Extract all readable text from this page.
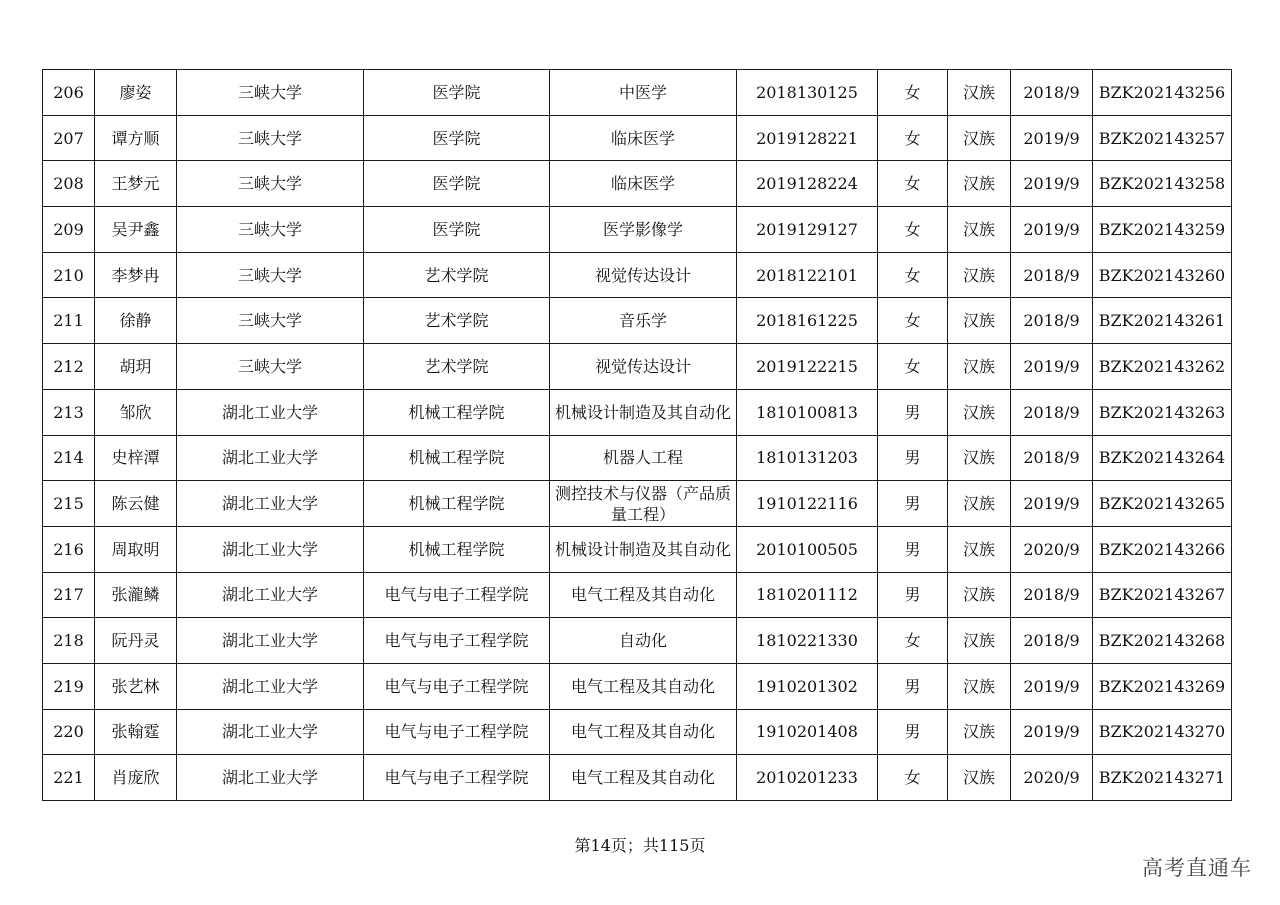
206	廖姿	三峡大学	医学院	中医学	2018130125	女	汉族	2018/9	BZK202143256
207	谭方顺	三峡大学	医学院	临床医学	2019128221	女	汉族	2019/9	BZK202143257
208	王梦元	三峡大学	医学院	临床医学	2019128224	女	汉族	2019/9	BZK202143258
209	吴尹鑫	三峡大学	医学院	医学影像学	2019129127	女	汉族	2019/9	BZK202143259
210	李梦冉	三峡大学	艺术学院	视觉传达设计	2018122101	女	汉族	2018/9	BZK202143260
211	徐静	三峡大学	艺术学院	音乐学	2018161225	女	汉族	2018/9	BZK202143261
212	胡玥	三峡大学	艺术学院	视觉传达设计	2019122215	女	汉族	2019/9	BZK202143262
213	邹欣	湖北工业大学	机械工程学院	机械设计制造及其自动化	1810100813	男	汉族	2018/9	BZK202143263
214	史梓潭	湖北工业大学	机械工程学院	机器人工程	1810131203	男	汉族	2018/9	BZK202143264
215	陈云健	湖北工业大学	机械工程学院	测控技术与仪器（产品质量工程）	1910122116	男	汉族	2019/9	BZK202143265
216	周取明	湖北工业大学	机械工程学院	机械设计制造及其自动化	2010100505	男	汉族	2020/9	BZK202143266
217	张瀧鳞	湖北工业大学	电气与电子工程学院	电气工程及其自动化	1810201112	男	汉族	2018/9	BZK202143267
218	阮丹灵	湖北工业大学	电气与电子工程学院	自动化	1810221330	女	汉族	2018/9	BZK202143268
219	张艺林	湖北工业大学	电气与电子工程学院	电气工程及其自动化	1910201302	男	汉族	2019/9	BZK202143269
220	张翰霆	湖北工业大学	电气与电子工程学院	电气工程及其自动化	1910201408	男	汉族	2019/9	BZK202143270
221	肖庞欣	湖北工业大学	电气与电子工程学院	电气工程及其自动化	2010201233	女	汉族	2020/9	BZK202143271
第14页；共115页
高考直通车
